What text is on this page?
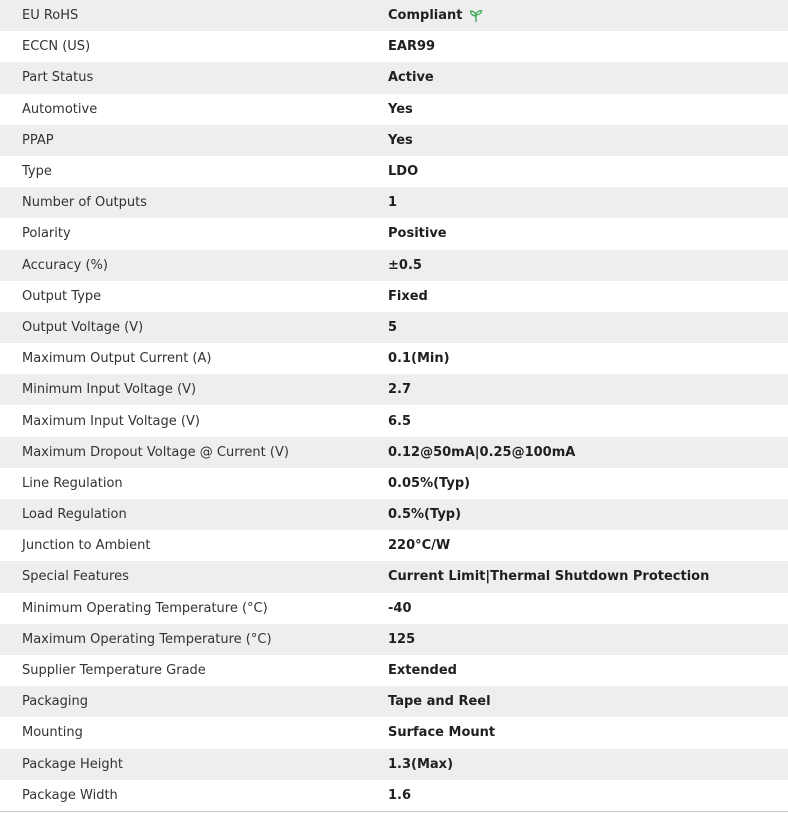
EU RoHS	Compliant
ECCN (US)	EAR99
Part Status	Active
Automotive	Yes
PPAP	Yes
Type	LDO
Number of Outputs	1
Polarity	Positive
Accuracy (%)	±0.5
Output Type	Fixed
Output Voltage (V)	5
Maximum Output Current (A)	0.1(Min)
Minimum Input Voltage (V)	2.7
Maximum Input Voltage (V)	6.5
Maximum Dropout Voltage @ Current (V)	0.12@50mA|0.25@100mA
Line Regulation	0.05%(Typ)
Load Regulation	0.5%(Typ)
Junction to Ambient	220°C/W
Special Features	Current Limit|Thermal Shutdown Protection
Minimum Operating Temperature (°C)	-40
Maximum Operating Temperature (°C)	125
Supplier Temperature Grade	Extended
Packaging	Tape and Reel
Mounting	Surface Mount
Package Height	1.3(Max)
Package Width	1.6
